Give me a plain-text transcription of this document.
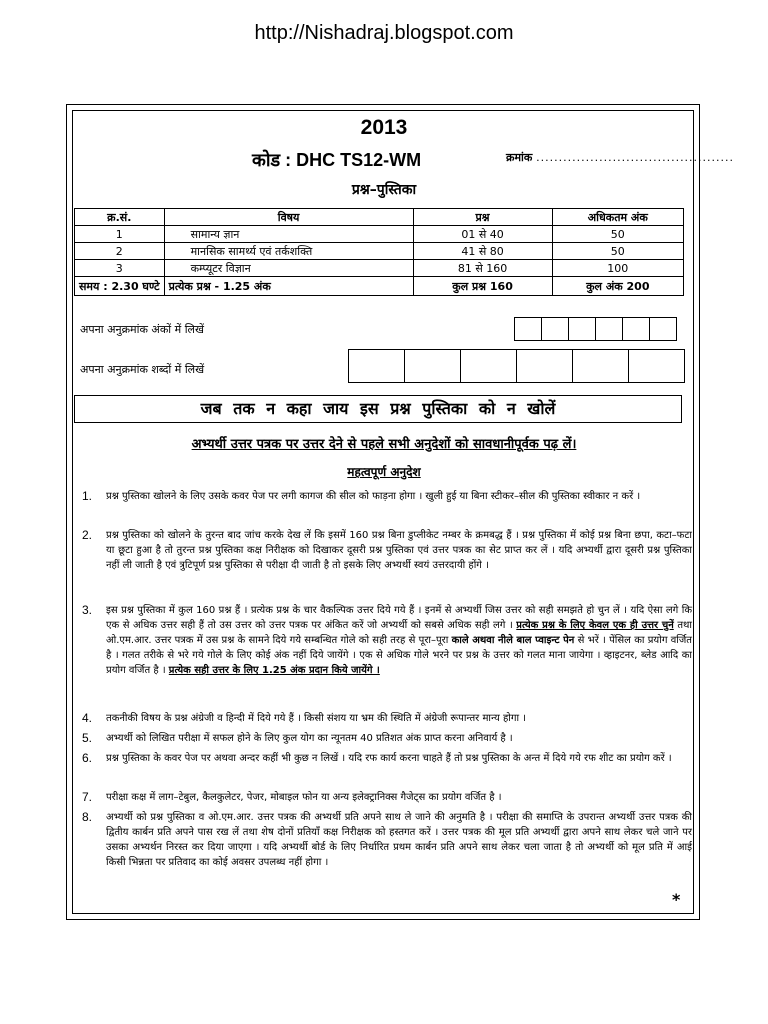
http://Nishadraj.blogspot.com
2013
कोड : DHC TS12-WM	क्रमांक ............................................
प्रश्न–पुस्तिका
क्र.सं.	विषय	प्रश्न	अधिकतम अंक
1	सामान्य ज्ञान	01 से 40	50
2	मानसिक सामर्थ्य एवं तर्कशक्ति	41 से 80	50
3	कम्प्यूटर विज्ञान	81 से 160	100
समय : 2.30 घण्टे	प्रत्येक प्रश्न - 1.25 अंक	कुल प्रश्न 160	कुल अंक 200
अपना अनुक्रमांक अंकों में लिखें
अपना अनुक्रमांक शब्दों में लिखें
जब तक न कहा जाय इस प्रश्न पुस्तिका को न खोलें
अभ्यर्थी उत्तर पत्रक पर उत्तर देने से पहले सभी अनुदेशों को सावधानीपूर्वक पढ़ लें।
महत्वपूर्ण अनुदेश
1. प्रश्न पुस्तिका खोलने के लिए उसके कवर पेज पर लगी कागज की सील को फाड़ना होगा । खुली हुई या बिना स्टीकर–सील की पुस्तिका स्वीकार न करें ।
2. प्रश्न पुस्तिका को खोलने के तुरन्त बाद जांच करके देख लें कि इसमें 160 प्रश्न बिना डुप्लीकेट नम्बर के क्रमबद्ध हैं । प्रश्न पुस्तिका में कोई प्रश्न बिना छपा, कटा–फटा या छूटा हुआ है तो तुरन्त प्रश्न पुस्तिका कक्ष निरीक्षक को दिखाकर दूसरी प्रश्न पुस्तिका एवं उत्तर पत्रक का सेट प्राप्त कर लें । यदि अभ्यर्थी द्वारा दूसरी प्रश्न पुस्तिका नहीं ली जाती है एवं त्रुटिपूर्ण प्रश्न पुस्तिका से परीक्षा दी जाती है तो इसके लिए अभ्यर्थी स्वयं उत्तरदायी होंगे ।
3. इस प्रश्न पुस्तिका में कुल 160 प्रश्न हैं । प्रत्येक प्रश्न के चार वैकल्पिक उत्तर दिये गये हैं । इनमें से अभ्यर्थी जिस उत्तर को सही समझते हो चुन लें । यदि ऐसा लगे कि एक से अधिक उत्तर सही हैं तो उस उत्तर को उत्तर पत्रक पर अंकित करें जो अभ्यर्थी को सबसे अधिक सही लगे । प्रत्येक प्रश्न के लिए केवल एक ही उत्तर चुनें तथा ओ.एम.आर. उत्तर पत्रक में उस प्रश्न के सामने दिये गये सम्बन्धित गोले को सही तरह से पूरा–पूरा काले अथवा नीले बाल प्वाइन्ट पेन से भरें । पेंसिल का प्रयोग वर्जित है । गलत तरीके से भरे गये गोले के लिए कोई अंक नहीं दिये जायेंगे । एक से अधिक गोले भरने पर प्रश्न के उत्तर को गलत माना जायेगा । व्हाइटनर, ब्लेड आदि का प्रयोग वर्जित है । प्रत्येक सही उत्तर के लिए 1.25 अंक प्रदान किये जायेंगे ।
4. तकनीकी विषय के प्रश्न अंग्रेजी व हिन्दी में दिये गये हैं । किसी संशय या भ्रम की स्थिति में अंग्रेजी रूपान्तर मान्य होगा ।
5. अभ्यर्थी को लिखित परीक्षा में सफल होने के लिए कुल योग का न्यूनतम 40 प्रतिशत अंक प्राप्त करना अनिवार्य है ।
6. प्रश्न पुस्तिका के कवर पेज पर अथवा अन्दर कहीं भी कुछ न लिखें । यदि रफ कार्य करना चाहते हैं तो प्रश्न पुस्तिका के अन्त में दिये गये रफ शीट का प्रयोग करें ।
7. परीक्षा कक्ष में लाग–टेबुल, कैलकुलेटर, पेजर, मोबाइल फोन या अन्य इलेक्ट्रानिक्स गैजेट्स का प्रयोग वर्जित है ।
8. अभ्यर्थी को प्रश्न पुस्तिका व ओ.एम.आर. उत्तर पत्रक की अभ्यर्थी प्रति अपने साथ ले जाने की अनुमति है । परीक्षा की समाप्ति के उपरान्त अभ्यर्थी उत्तर पत्रक की द्वितीय कार्बन प्रति अपने पास रख लें तथा शेष दोनों प्रतियाँ कक्ष निरीक्षक को हस्तगत करें । उत्तर पत्रक की मूल प्रति अभ्यर्थी द्वारा अपने साथ लेकर चले जाने पर उसका अभ्यर्थन निरस्त कर दिया जाएगा । यदि अभ्यर्थी बोर्ड के लिए निर्धारित प्रथम कार्बन प्रति अपने साथ लेकर चला जाता है तो अभ्यर्थी को मूल प्रति में आई किसी भिन्नता पर प्रतिवाद का कोई अवसर उपलब्ध नहीं होगा ।
*
